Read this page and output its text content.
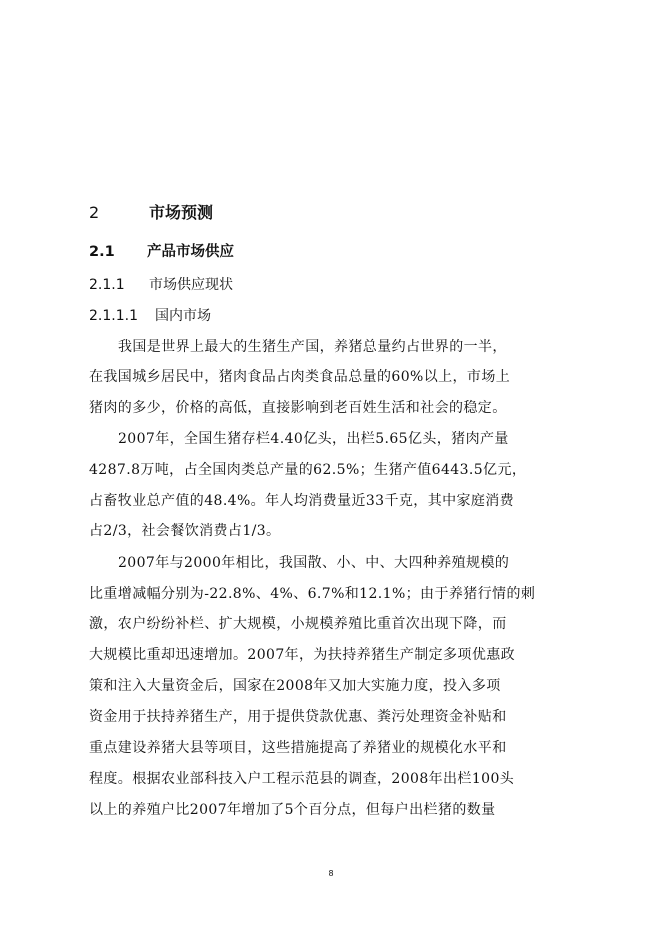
2	市场预测
2.1 产品市场供应
2.1.1 市场供应现状
2.1.1.1 国内市场
我国是世界上最大的生猪生产国，养猪总量约占世界的一半，
在我国城乡居民中，猪肉食品占肉类食品总量的60%以上，市场上
猪肉的多少，价格的高低，直接影响到老百姓生活和社会的稳定。
2007年，全国生猪存栏4.40亿头，出栏5.65亿头，猪肉产量
4287.8万吨，占全国肉类总产量的62.5%；生猪产值6443.5亿元，
占畜牧业总产值的48.4%。年人均消费量近33千克，其中家庭消费
占2/3，社会餐饮消费占1/3。
2007年与2000年相比，我国散、小、中、大四种养殖规模的
比重增减幅分别为-22.8%、4%、6.7%和12.1%；由于养猪行情的刺
激，农户纷纷补栏、扩大规模，小规模养殖比重首次出现下降，而
大规模比重却迅速增加。2007年，为扶持养猪生产制定多项优惠政
策和注入大量资金后，国家在2008年又加大实施力度，投入多项
资金用于扶持养猪生产，用于提供贷款优惠、粪污处理资金补贴和
重点建设养猪大县等项目，这些措施提高了养猪业的规模化水平和
程度。根据农业部科技入户工程示范县的调查，2008年出栏100头
以上的养殖户比2007年增加了5个百分点，但每户出栏猪的数量
8
